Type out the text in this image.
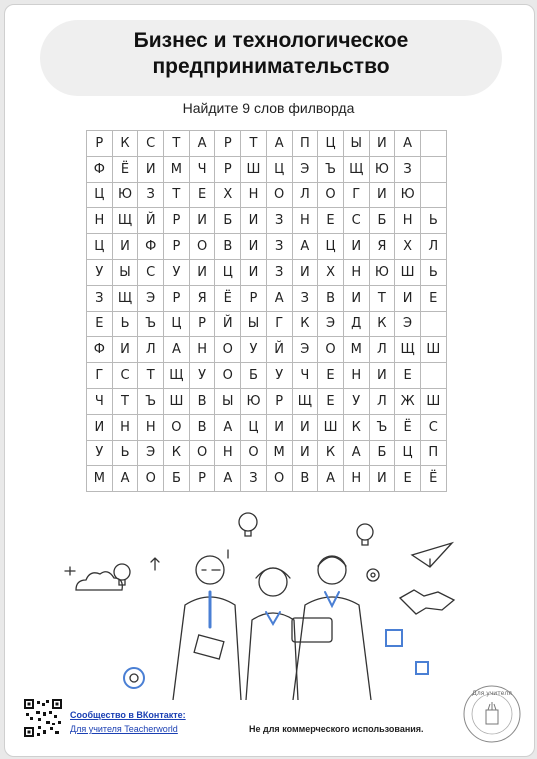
Бизнес и технологическое
предпринимательство
Найдите 9 слов филворда
Р	К	С	Т	А	Р	Т	А	П	Ц	Ы	И	А	
Ф	Ё	И	М	Ч	Р	Ш	Ц	Э	Ъ	Щ	Ю	З	
Ц	Ю	З	Т	Е	Х	Н	О	Л	О	Г	И	Ю	
Н	Щ	Й	Р	И	Б	И	З	Н	Е	С	Б	Н	Ь
Ц	И	Ф	Р	О	В	И	З	А	Ц	И	Я	Х	Л
У	Ы	С	У	И	Ц	И	З	И	Х	Н	Ю	Ш	Ь
З	Щ	Э	Р	Я	Ё	Р	А	З	В	И	Т	И	Е
Е	Ь	Ъ	Ц	Р	Й	Ы	Г	К	Э	Д	К	Э	
Ф	И	Л	А	Н	О	У	Й	Э	О	М	Л	Щ	Ш
Г	С	Т	Щ	У	О	Б	У	Ч	Е	Н	И	Е	
Ч	Т	Ъ	Ш	В	Ы	Ю	Р	Щ	Е	У	Л	Ж	Ш
И	Н	Н	О	В	А	Ц	И	И	Ш	К	Ъ	Ё	С
У	Ь	Э	К	О	Н	О	М	И	К	А	Б	Ц	П
М	А	О	Б	Р	А	З	О	В	А	Н	И	Е	Ё
Сообщество в ВКонтакте:
Для учителя Teacherworld	Не для коммерческого использования.
Для учителя
